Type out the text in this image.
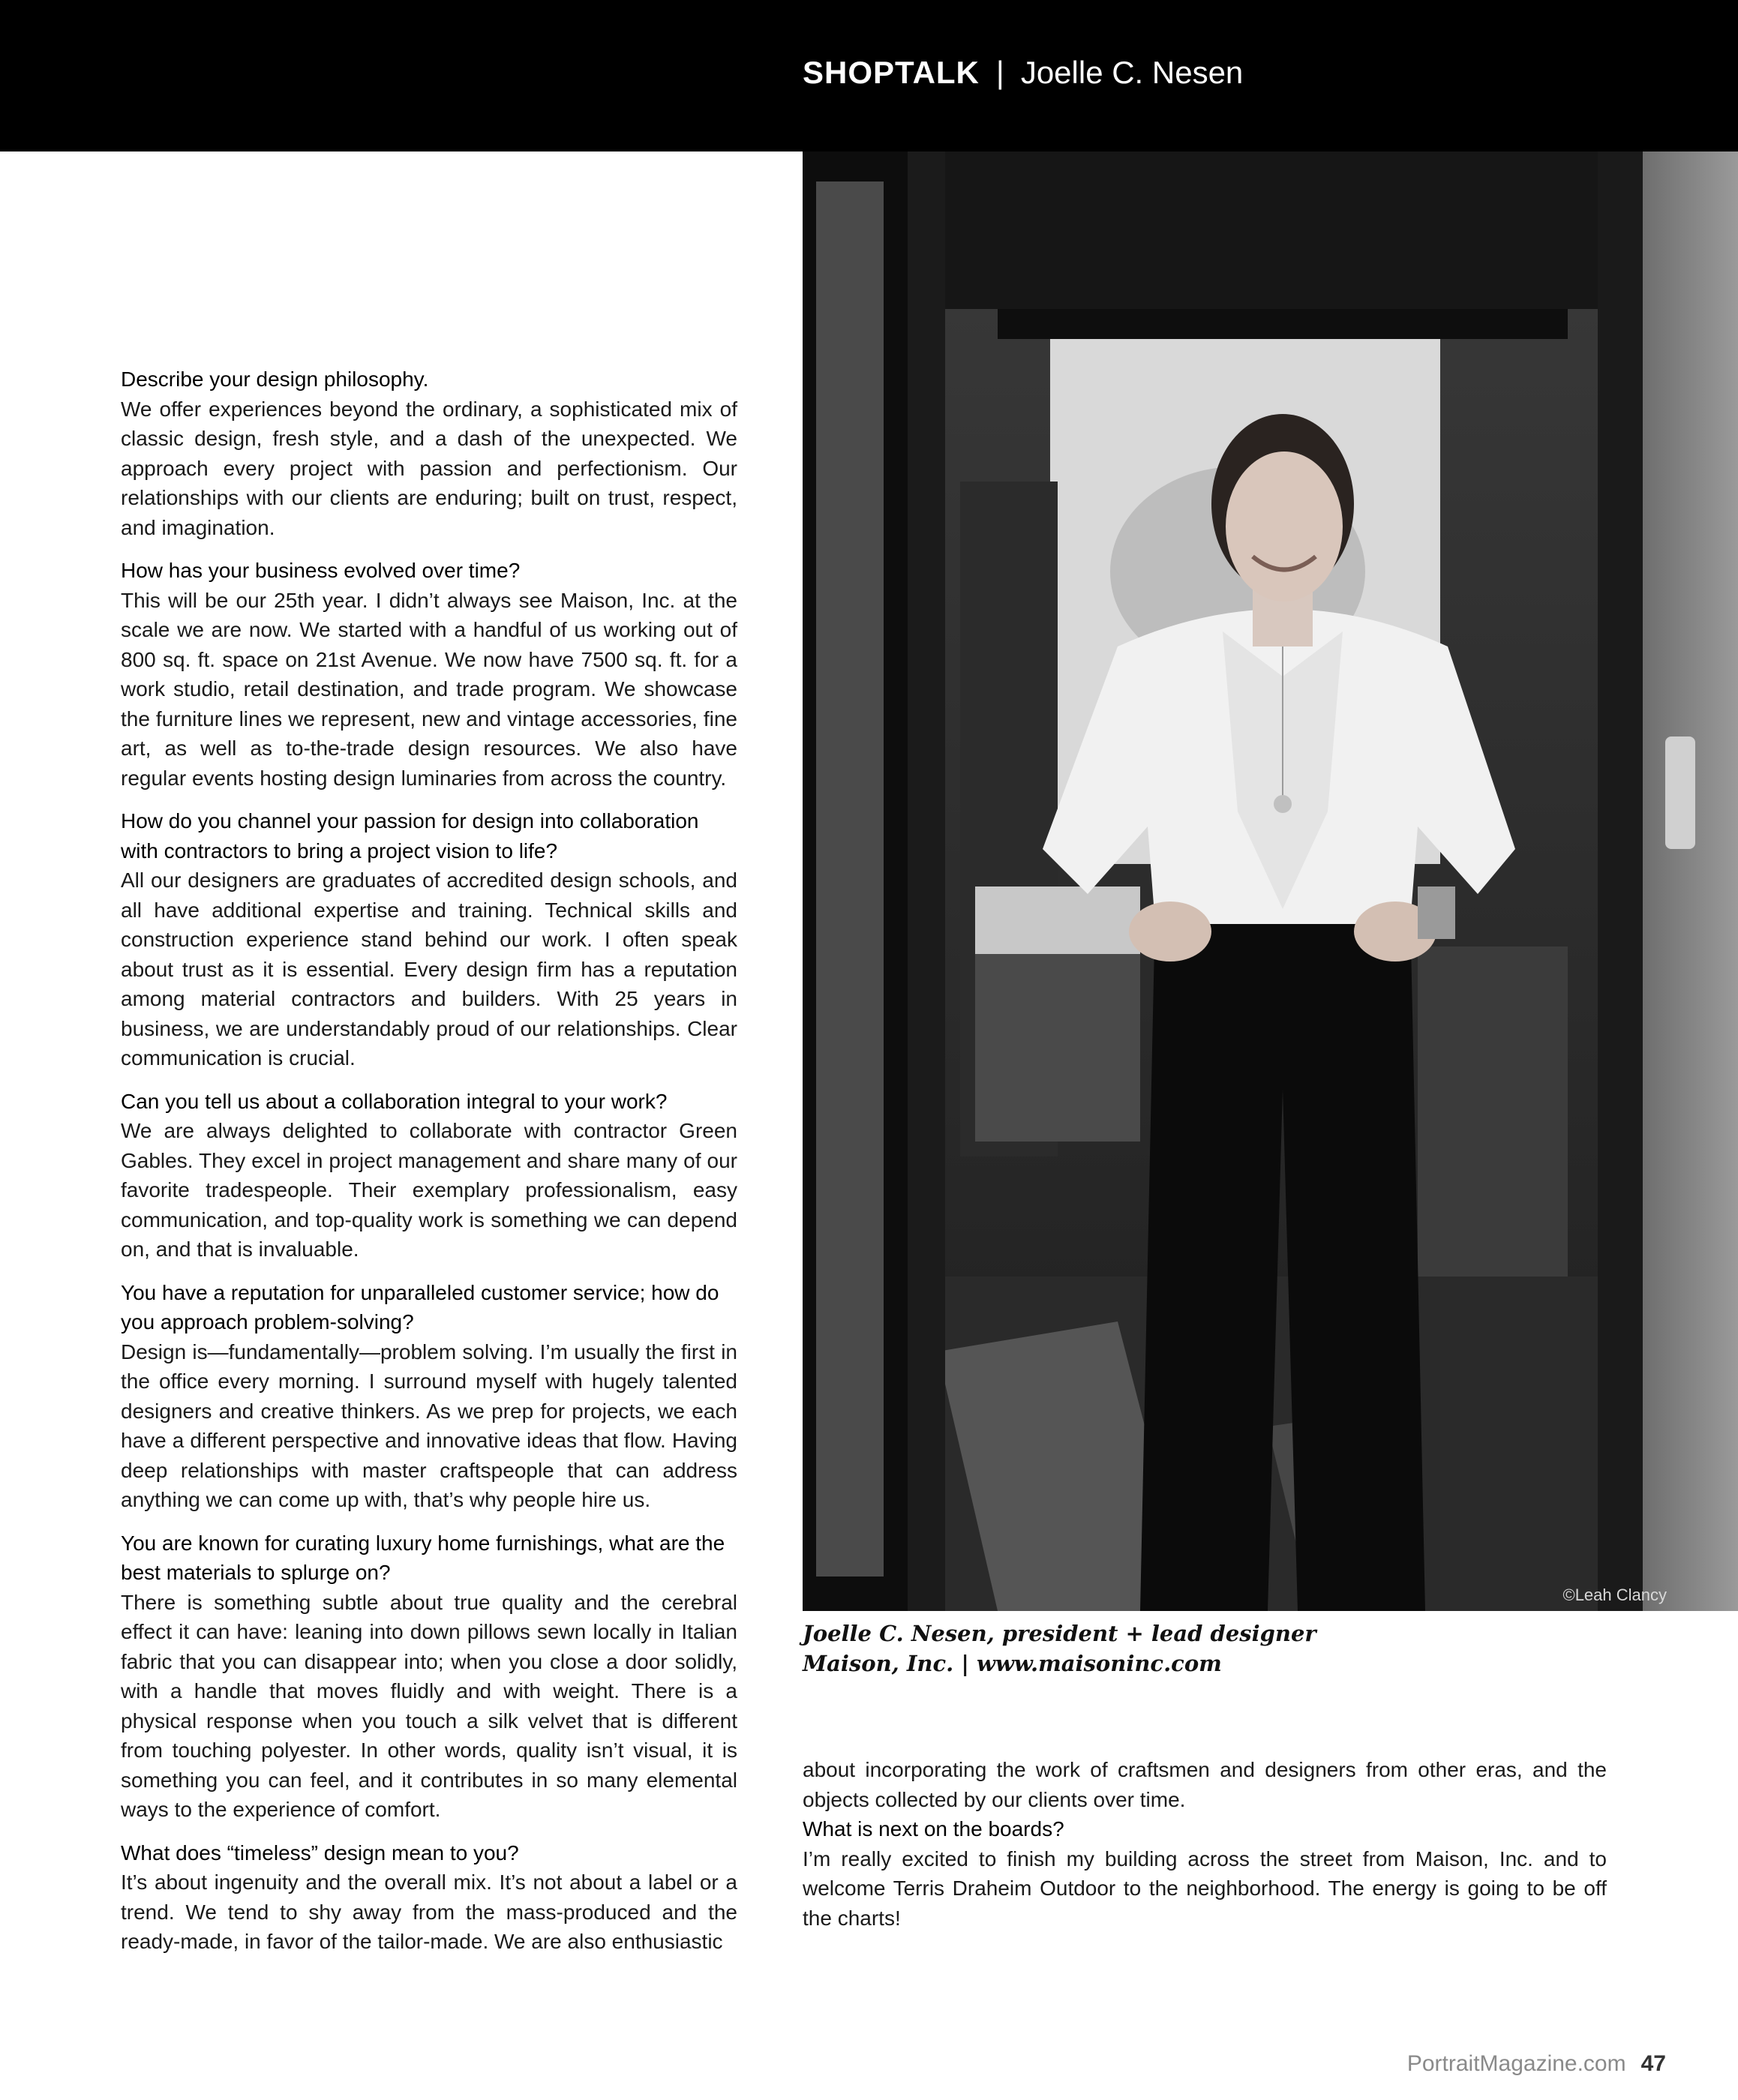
SHOPTALK | Joelle C. Nesen
Describe your design philosophy.

We offer experiences beyond the ordinary, a sophisticated mix of classic design, fresh style, and a dash of the unexpected. We approach every project with passion and perfectionism. Our relationships with our clients are enduring; built on trust, respect, and imagination.

How has your business evolved over time?

This will be our 25th year. I didn’t always see Maison, Inc. at the scale we are now. We started with a handful of us working out of 800 sq. ft. space on 21st Avenue. We now have 7500 sq. ft. for a work studio, retail destination, and trade program. We showcase the furniture lines we represent, new and vintage accessories, fine art, as well as to-the-trade design resources. We also have regular events hosting design luminaries from across the country.

How do you channel your passion for design into collaboration with contractors to bring a project vision to life?

All our designers are graduates of accredited design schools, and all have additional expertise and training. Technical skills and construction experience stand behind our work. I often speak about trust as it is essential. Every design firm has a reputation among material contractors and builders. With 25 years in business, we are understandably proud of our relationships. Clear communication is crucial.

Can you tell us about a collaboration integral to your work?

We are always delighted to collaborate with contractor Green Gables. They excel in project management and share many of our favorite tradespeople. Their exemplary professionalism, easy communication, and top-quality work is something we can depend on, and that is invaluable.

You have a reputation for unparalleled customer service; how do you approach problem-solving?

Design is—fundamentally—problem solving. I’m usually the first in the office every morning. I surround myself with hugely talented designers and creative thinkers. As we prep for projects, we each have a different perspective and innovative ideas that flow. Having deep relationships with master craftspeople that can address anything we can come up with, that’s why people hire us.

You are known for curating luxury home furnishings, what are the best materials to splurge on?

There is something subtle about true quality and the cerebral effect it can have: leaning into down pillows sewn locally in Italian fabric that you can disappear into; when you close a door solidly, with a handle that moves fluidly and with weight. There is a physical response when you touch a silk velvet that is different from touching polyester. In other words, quality isn’t visual, it is something you can feel, and it contributes in so many elemental ways to the experience of comfort.

What does “timeless” design mean to you?

It’s about ingenuity and the overall mix. It’s not about a label or a trend. We tend to shy away from the mass-produced and the ready-made, in favor of the tailor-made. We are also enthusiastic

©Leah Clancy
Joelle C. Nesen, president + lead designer
Maison, Inc. | www.maisoninc.com

about incorporating the work of craftsmen and designers from other eras, and the objects collected by our clients over time.

What is next on the boards?

I’m really excited to finish my building across the street from Maison, Inc. and to welcome Terris Draheim Outdoor to the neighborhood. The energy is going to be off the charts!

PortraitMagazine.com 47
